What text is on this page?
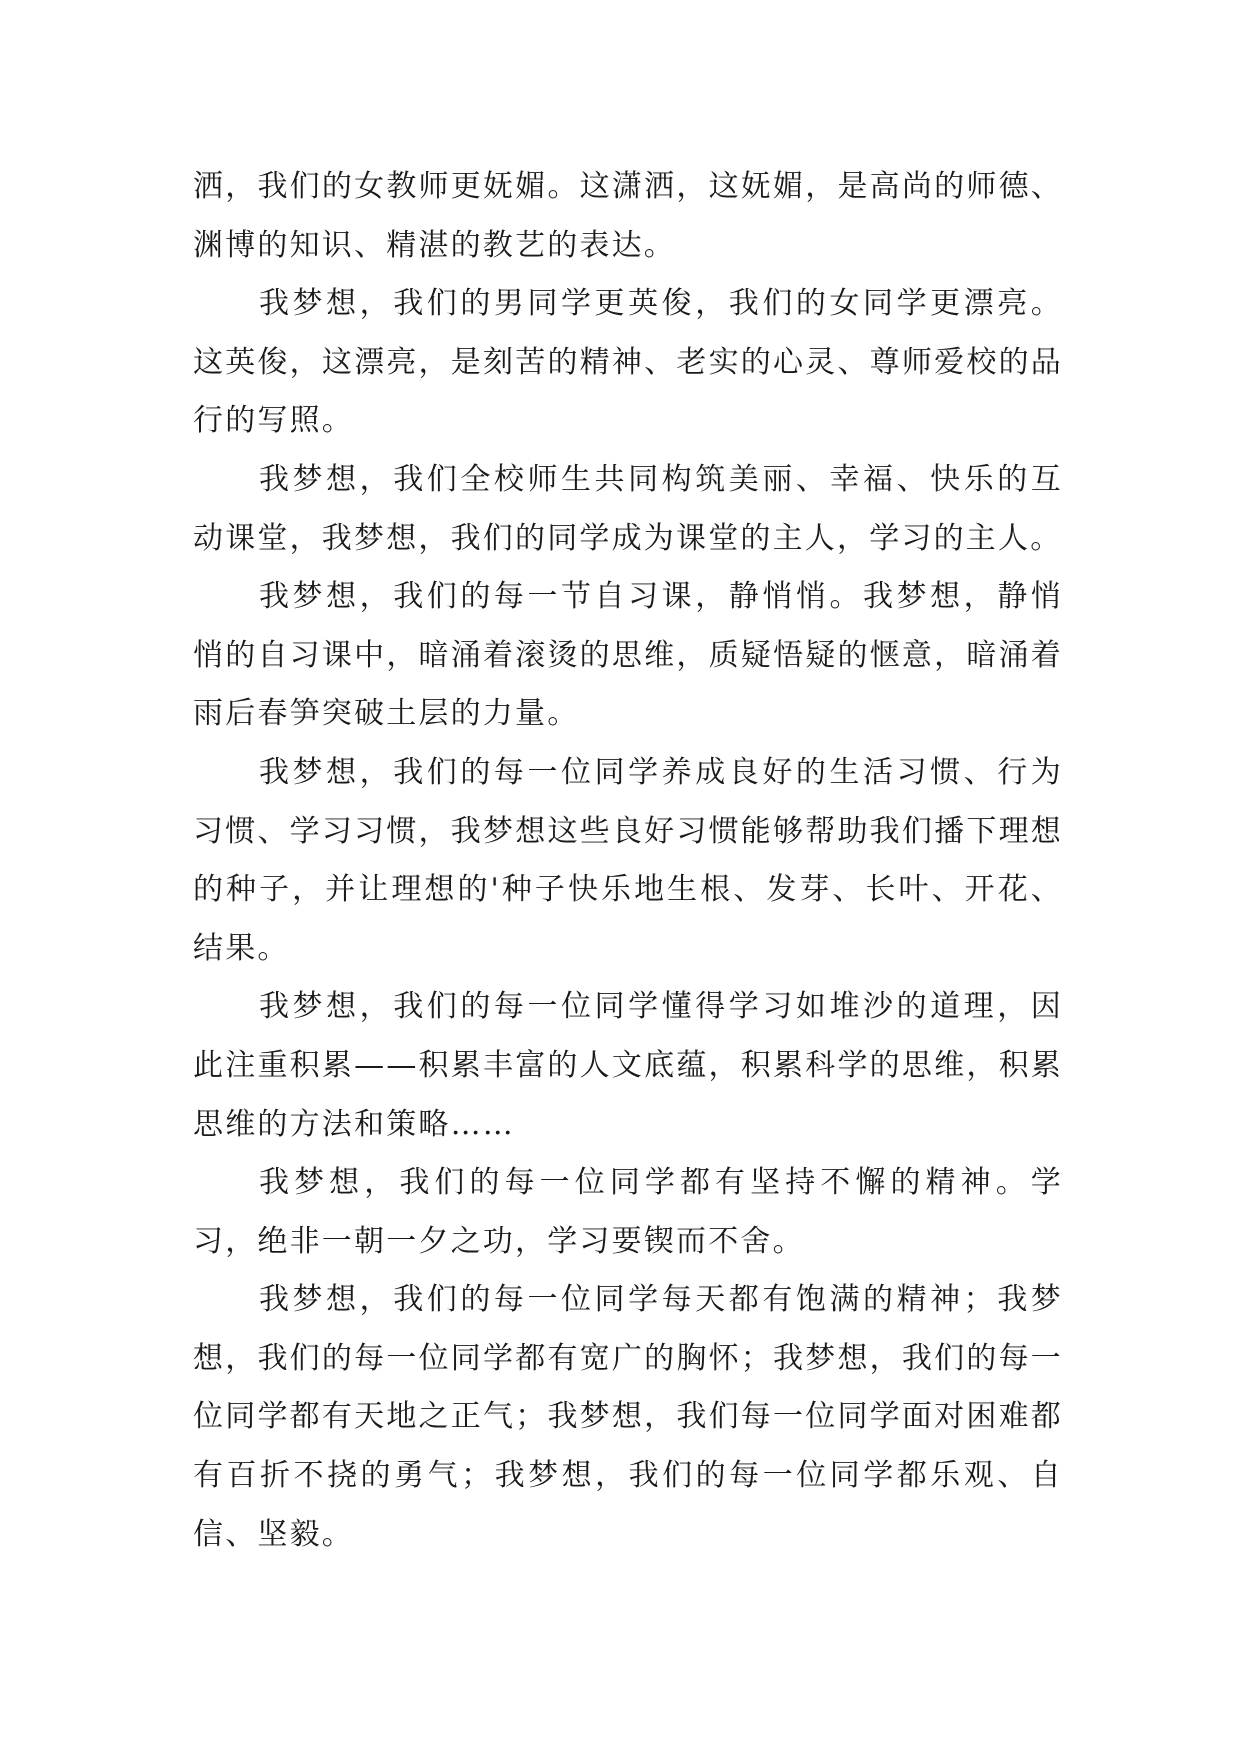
洒，我们的女教师更妩媚。这潇洒，这妩媚，是高尚的师德、渊博的知识、精湛的教艺的表达。

我梦想，我们的男同学更英俊，我们的女同学更漂亮。这英俊，这漂亮，是刻苦的精神、老实的心灵、尊师爱校的品行的写照。

我梦想，我们全校师生共同构筑美丽、幸福、快乐的互动课堂，我梦想，我们的同学成为课堂的主人，学习的主人。

我梦想，我们的每一节自习课，静悄悄。我梦想，静悄悄的自习课中，暗涌着滚烫的思维，质疑悟疑的惬意，暗涌着雨后春笋突破土层的力量。

我梦想，我们的每一位同学养成良好的生活习惯、行为习惯、学习习惯，我梦想这些良好习惯能够帮助我们播下理想的种子，并让理想的'种子快乐地生根、发芽、长叶、开花、结果。

我梦想，我们的每一位同学懂得学习如堆沙的道理，因此注重积累——积累丰富的人文底蕴，积累科学的思维，积累思维的方法和策略……

我梦想，我们的每一位同学都有坚持不懈的精神。学习，绝非一朝一夕之功，学习要锲而不舍。

我梦想，我们的每一位同学每天都有饱满的精神；我梦想，我们的每一位同学都有宽广的胸怀；我梦想，我们的每一位同学都有天地之正气；我梦想，我们每一位同学面对困难都有百折不挠的勇气；我梦想，我们的每一位同学都乐观、自信、坚毅。
